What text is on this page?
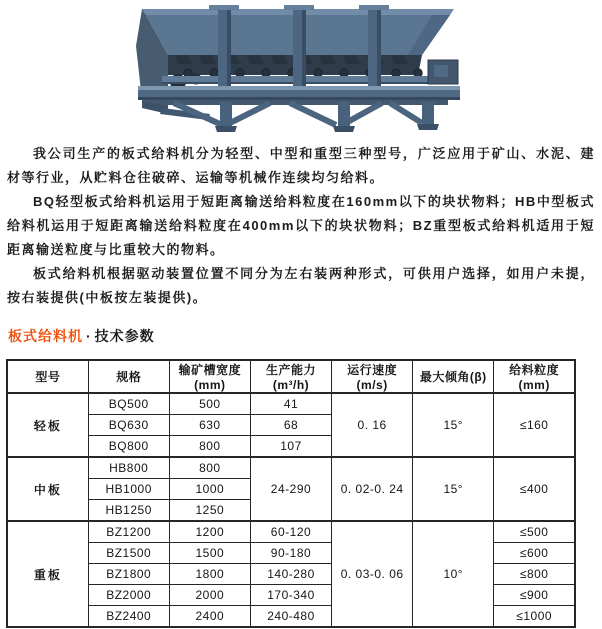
我公司生产的板式给料机分为轻型、中型和重型三种型号，广泛应用于矿山、水泥、建材等行业，从贮料仓往破碎、运输等机械作连续均匀给料。

BQ轻型板式给料机运用于短距离输送给料粒度在160mm以下的块状物料；HB中型板式给料机运用于短距离输送给料粒度在400mm以下的块状物料；BZ重型板式给料机适用于短距离输送粒度与比重较大的物料。

板式给料机根据驱动装置位置不同分为左右装两种形式，可供用户选择，如用户未提，按右装提供(中板按左装提供)。

板式给料机 · 技术参数
型号	规格	输矿槽宽度(mm)	生产能力(m³/h)	运行速度(m/s)	最大倾角(β)	给料粒度(mm)
轻板	BQ500	500	41	0. 16	15°	≤160
	BQ630	630	68			
	BQ800	800	107			
中板	HB800	800	24-290	0. 02-0. 24	15°	≤400
	HB1000	1000				
	HB1250	1250				
重板	BZ1200	1200	60-120	0. 03-0. 06	10°	≤500
	BZ1500	1500	90-180			≤600
	BZ1800	1800	140-280			≤800
	BZ2000	2000	170-340			≤900
	BZ2400	2400	240-480			≤1000
